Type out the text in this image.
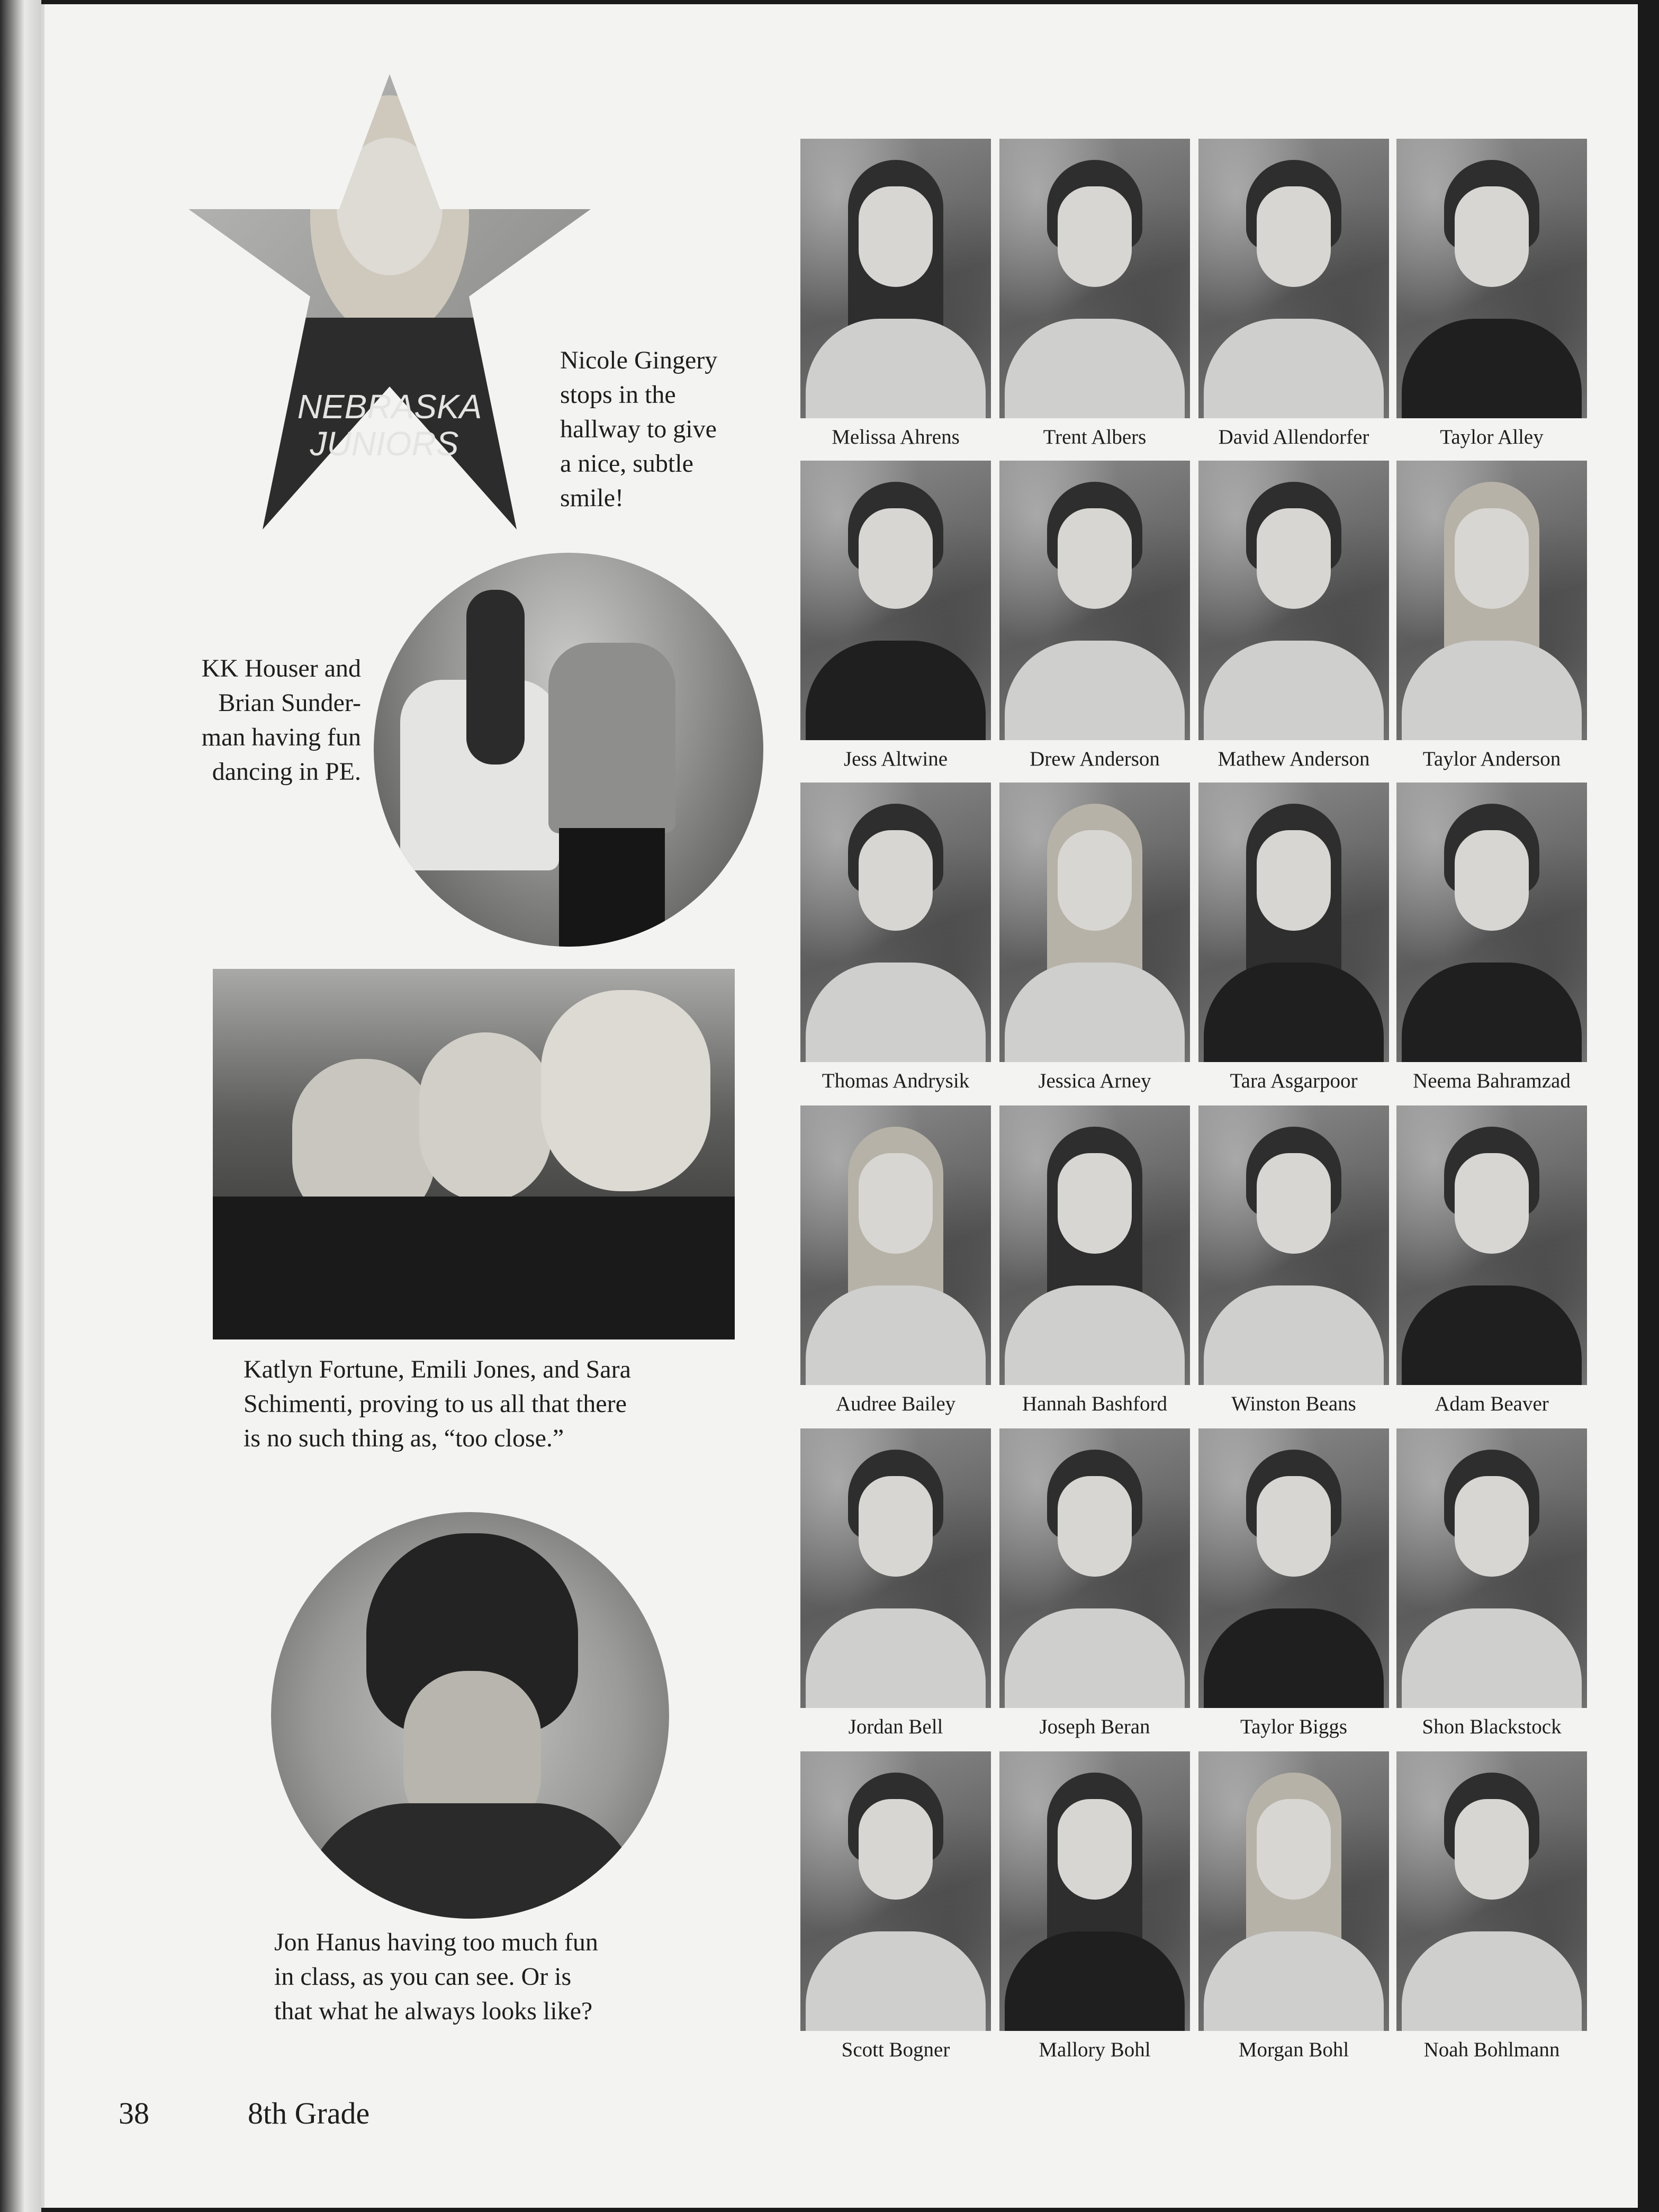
NEBRASKA
JUNIORS
Nicole Gingery
stops in the
hallway to give
a nice, subtle
smile!
KK Houser and
Brian Sunder-
man having fun
dancing in PE.
Katlyn Fortune, Emili Jones, and Sara
Schimenti, proving to us all that there
is no such thing as, “too close.”
Jon Hanus having too much fun
in class, as you can see. Or is
that what he always looks like?
Melissa Ahrens	Trent Albers	David Allendorfer	Taylor Alley
Jess Altwine	Drew Anderson	Mathew Anderson	Taylor Anderson
Thomas Andrysik	Jessica Arney	Tara Asgarpoor	Neema Bahramzad
Audree Bailey	Hannah Bashford	Winston Beans	Adam Beaver
Jordan Bell	Joseph Beran	Taylor Biggs	Shon Blackstock
Scott Bogner	Mallory Bohl	Morgan Bohl	Noah Bohlmann
38	8th Grade
